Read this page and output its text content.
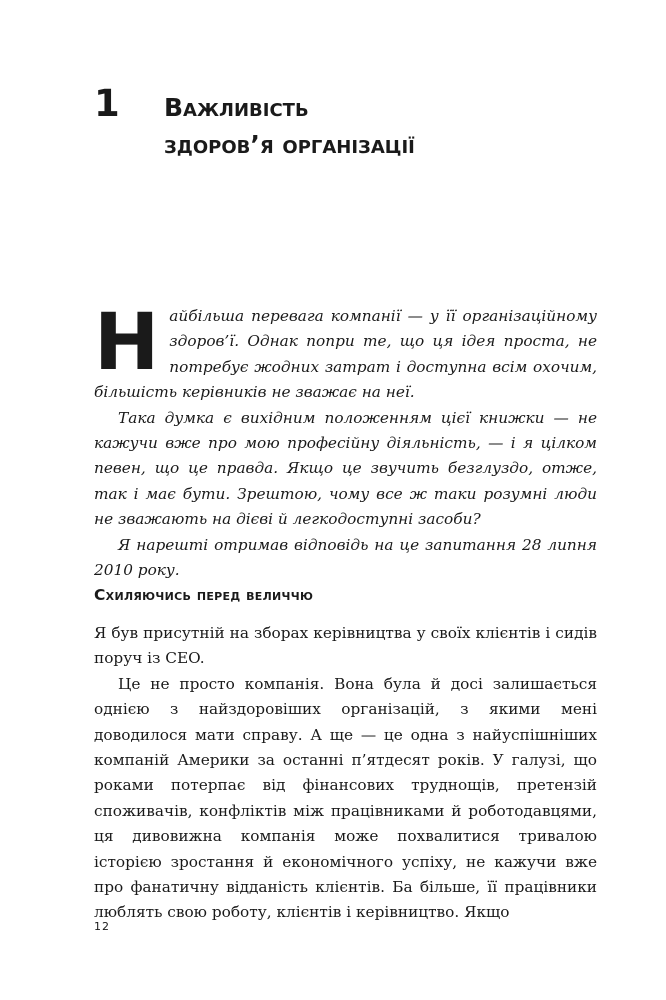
1 Важливість
здоров’я організації

Найбільша перевага компанії — у її організаційному здоров’ї. Однак попри те, що ця ідея проста, не потребує жодних затрат і доступна всім охочим, більшість керівників не зважає на неї.

Така думка є вихідним положенням цієї книжки — не кажучи вже про мою професійну діяльність, — і я цілком певен, що це правда. Якщо це звучить безглуздо, отже, так і має бути. Зрештою, чому все ж таки розумні люди не зважають на дієві й легкодоступні засоби?

Я нарешті отримав відповідь на це запитання 28 липня 2010 року.

Схиляючись перед величчю

Я був присутній на зборах керівництва у своїх клієнтів і сидів поруч із CEO.

Це не просто компанія. Вона була й досі залишається однією з найздоровіших організацій, з якими мені доводилося мати справу. А ще — це одна з найуспішніших компаній Америки за останні п’ятдесят років. У галузі, що роками потерпає від фінансових труднощів, претензій споживачів, конфліктів між працівниками й роботодавцями, ця дивовижна компанія може похвалитися тривалою історією зростання й економічного успіху, не кажучи вже про фанатичну відданість клієнтів. Ба більше, її працівники люблять свою роботу, клієнтів і керівництво. Якщо

12
